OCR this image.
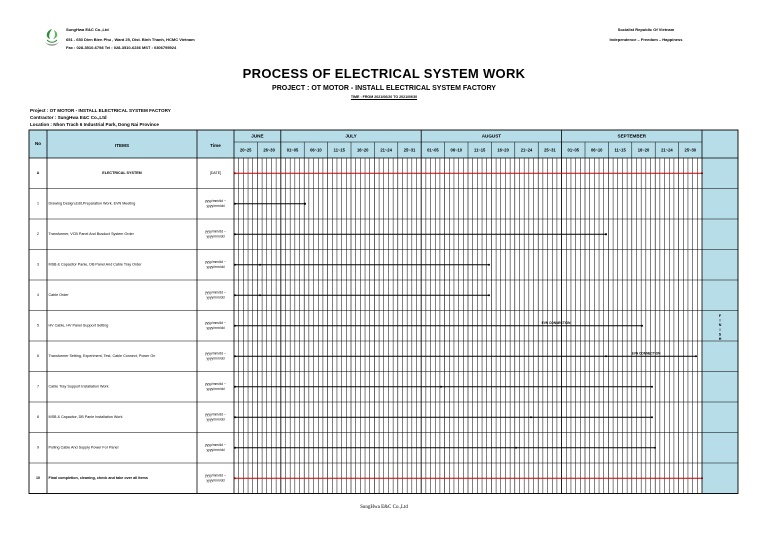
SungHwa E&C Co.,Ltd
651 - 653 Dien Bien Phu , Ward 25, Dist. Binh Thanh, HCMC Vietnam
Fax : 028-3510-6798 Tel : 028-3510-6236 MST : 0306795924
Socialist Republic Of Vietnam
Independence – Freedom – Happiness
PROCESS OF ELECTRICAL SYSTEM WORK
PROJECT : OT MOTOR - INSTALL ELECTRICAL SYSTEM FACTORY
TIME : FROM 2021/06/20 TO 2021/09/30
Project : OT MOTOR - INSTALL ELECTRICAL SYSTEM FACTORY
Contractor : SungHwa E&C Co.,Ltd
Location : Nhon Trach 6 Industrial Park, Dong Nai Province
JUNE	JULY	AUGUST	SEPTEMBER
20~25	26~30	01~05	06~10	11~15	16~20	21~24	25~31	01~05	06~10	11~15	16~20	21~24	25~31	01~05	06~10	11~15	16~20	21~24	25~30
No	ITEMS	Time
F
I
N
I
S
H
A	ELECTRICAL SYSTEM	[DATE]
1	Drawing Design,Edit,Preparation Work, EVN Meeting
yyyy/mm/dd ~
yyyy/mm/dd
2	Transformer, VCB Panel And Busduct System Order
yyyy/mm/dd ~
yyyy/mm/dd
3	MSB & Capacitor Panle, DB Panel And Cable Tray Order
yyyy/mm/dd ~
yyyy/mm/dd
4	Cable Order
yyyy/mm/dd ~
yyyy/mm/dd
5	HV Cable, HV Panel Support Setting
yyyy/mm/dd ~
yyyy/mm/dd
6	Transformer Setting, Experiment, Test, Cable Connect, Power On
yyyy/mm/dd ~
yyyy/mm/dd
7	Cable Tray Support Installation Work
yyyy/mm/dd ~
yyyy/mm/dd
8	MSB & Capacitor, DB Panle Installation Work
yyyy/mm/dd ~
yyyy/mm/dd
9	Pulling Cable And Supply Power For Panel
yyyy/mm/dd ~
yyyy/mm/dd
10 Final completion, cleaning, check and take over all items
yyyy/mm/dd ~
yyyy/mm/dd
EVN CONNECTION
EVN CONNECTION
SungHwa E&C Co.,Ltd
